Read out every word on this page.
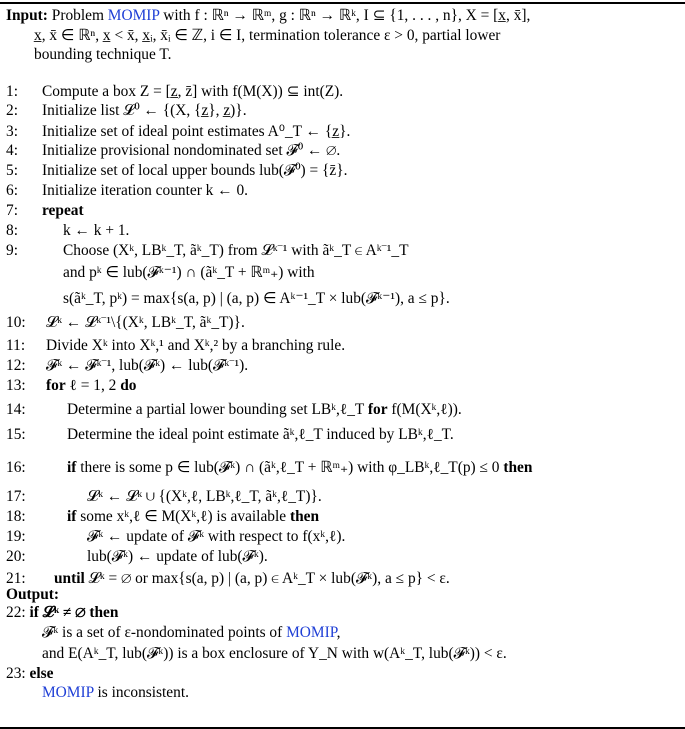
Input: Problem MOMIP with f : ℝⁿ → ℝᵐ, g : ℝⁿ → ℝᵏ, I ⊆ {1, . . . , n}, X = [x̲, x̄],
x̲, x̄ ∈ ℝⁿ, x̲ < x̄, x̲ᵢ, x̄ᵢ ∈ ℤ, i ∈ I, termination tolerance ε > 0, partial lower
bounding technique T.
1:	Compute a box Z = [z̲, z̄] with f(M(X)) ⊆ int(Z).
2:	Initialize list 𝓛⁰ ← {(X, {z̲}, z̲)}.
3:	Initialize set of ideal point estimates A⁰_T ← {z̲}.
4:	Initialize provisional nondominated set 𝓕⁰ ← ∅.
5:	Initialize set of local upper bounds lub(𝓕⁰) = {z̄}.
6:	Initialize iteration counter k ← 0.
7:	repeat
8:	k ← k + 1.
9:	Choose (Xᵏ, LBᵏ_T, ãᵏ_T) from 𝓛ᵏ⁻¹ with ãᵏ_T ∈ Aᵏ⁻¹_T
and pᵏ ∈ lub(𝓕ᵏ⁻¹) ∩ (ãᵏ_T + ℝᵐ₊) with
s(ãᵏ_T, pᵏ) = max{s(a, p) | (a, p) ∈ Aᵏ⁻¹_T × lub(𝓕ᵏ⁻¹), a ≤ p}.
10:	𝓛ᵏ ← 𝓛ᵏ⁻¹\{(Xᵏ, LBᵏ_T, ãᵏ_T)}.
11:	Divide Xᵏ into Xᵏ,¹ and Xᵏ,² by a branching rule.
12:	𝓕ᵏ ← 𝓕ᵏ⁻¹, lub(𝓕ᵏ) ← lub(𝓕ᵏ⁻¹).
13:	for ℓ = 1, 2 do
14:	Determine a partial lower bounding set LBᵏ,ℓ_T for f(M(Xᵏ,ℓ)).
15:	Determine the ideal point estimate ãᵏ,ℓ_T induced by LBᵏ,ℓ_T.
16:	if there is some p ∈ lub(𝓕ᵏ) ∩ (ãᵏ,ℓ_T + ℝᵐ₊) with φ_LBᵏ,ℓ_T(p) ≤ 0 then
17:	𝓛ᵏ ← 𝓛ᵏ ∪ {(Xᵏ,ℓ, LBᵏ,ℓ_T, ãᵏ,ℓ_T)}.
18:	if some xᵏ,ℓ ∈ M(Xᵏ,ℓ) is available then
19:	𝓕ᵏ ← update of 𝓕ᵏ with respect to f(xᵏ,ℓ).
20:	lub(𝓕ᵏ) ← update of lub(𝓕ᵏ).
21:	until 𝓛ᵏ = ∅ or max{s(a, p) | (a, p) ∈ Aᵏ_T × lub(𝓕ᵏ), a ≤ p} < ε.
Output:
22: if 𝓛ᵏ ≠ ∅ then
𝓕ᵏ is a set of ε-nondominated points of MOMIP,
and E(Aᵏ_T, lub(𝓕ᵏ)) is a box enclosure of Y_N with w(Aᵏ_T, lub(𝓕ᵏ)) < ε.
23: else
MOMIP is inconsistent.
